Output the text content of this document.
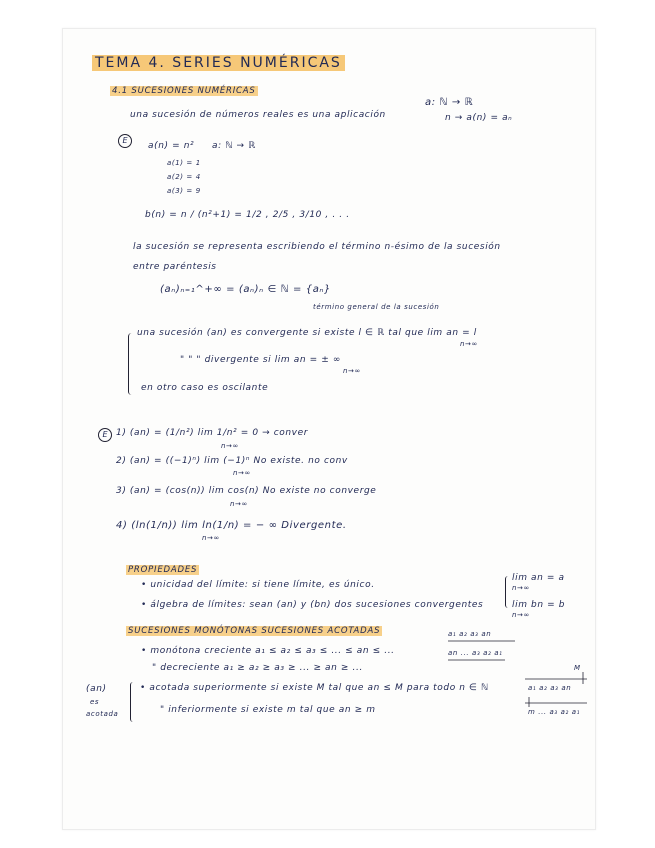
TEMA 4. SERIES NUMÉRICAS
4.1 SUCESIONES NUMÉRICAS
una sucesión de números reales es una aplicación
a: ℕ → ℝ
n → a(n) = aₙ
E
a(n) = n² a: ℕ → ℝ
a(1) = 1
a(2) = 4
a(3) = 9
b(n) = n / (n²+1) = 1/2 , 2/5 , 3/10 , . . .
la sucesión se representa escribiendo el término n-ésimo de la sucesión
entre paréntesis
(aₙ)ₙ₌₁^+∞ = (aₙ)ₙ ∈ ℕ = {aₙ}
término general de la sucesión
una sucesión (an) es convergente si existe l ∈ ℝ tal que lim an = l
n→∞
" " " divergente si lim an = ± ∞
n→∞
en otro caso es oscilante
E 1) (an) = (1/n²) lim 1/n² = 0 → conver
n→∞
2) (an) = ((−1)ⁿ) lim (−1)ⁿ No existe. no conv
n→∞
3) (an) = (cos(n)) lim cos(n) No existe no converge
n→∞
4) (ln(1/n)) lim ln(1/n) = − ∞ Divergente.
n→∞
PROPIEDADES
• unicidad del límite: si tiene límite, es único.
• álgebra de límites: sean (an) y (bn) dos sucesiones convergentes
lim an = a
n→∞
lim bn = b
n→∞
SUCESIONES MONÓTONAS SUCESIONES ACOTADAS
• monótona creciente a₁ ≤ a₂ ≤ a₃ ≤ ... ≤ an ≤ ...
" decreciente a₁ ≥ a₂ ≥ a₃ ≥ ... ≥ an ≥ ...
a₁ a₂ a₃ an
an ... a₃ a₂ a₁
a₁ a₂ a₃ an
M
m ... a₃ a₂ a₁
(an)
es
acotada
• acotada superiormente si existe M tal que an ≤ M para todo n ∈ ℕ
" inferiormente si existe m tal que an ≥ m
